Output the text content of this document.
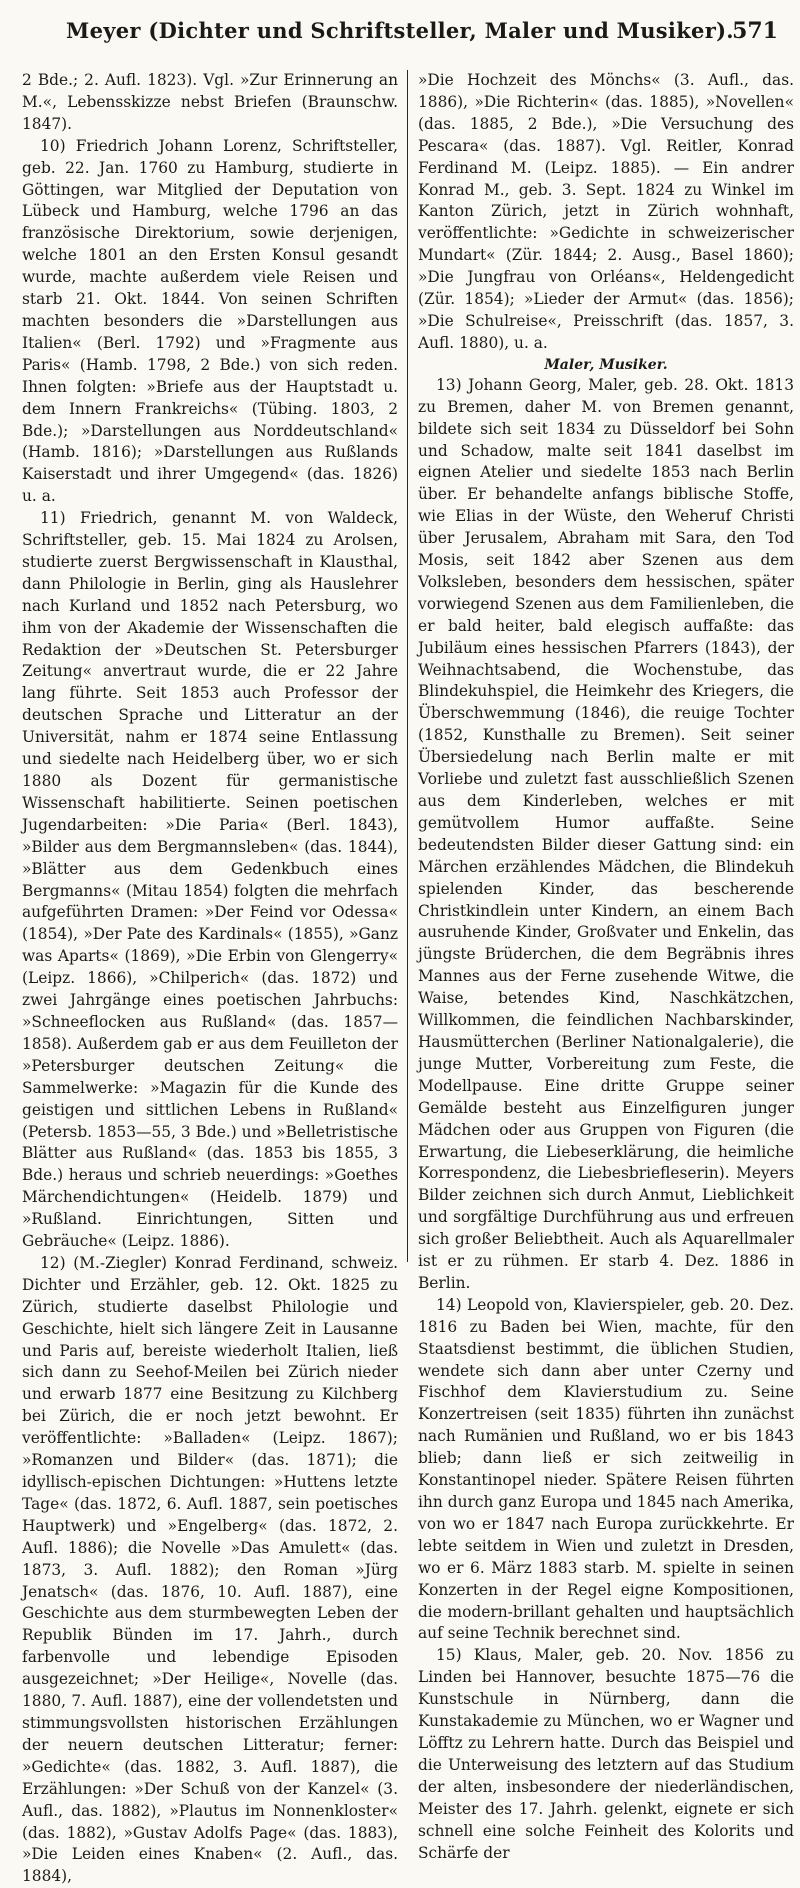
Meyer (Dichter und Schriftsteller, Maler und Musiker).
571

2 Bde.; 2. Aufl. 1823). Vgl. »Zur Erinnerung an M.«, Lebensskizze nebst Briefen (Braunschw. 1847).

10) Friedrich Johann Lorenz, Schriftsteller, geb. 22. Jan. 1760 zu Hamburg, studierte in Göttingen, war Mitglied der Deputation von Lübeck und Hamburg, welche 1796 an das französische Direktorium, sowie derjenigen, welche 1801 an den Ersten Konsul gesandt wurde, machte außerdem viele Reisen und starb 21. Okt. 1844. Von seinen Schriften machten besonders die »Darstellungen aus Italien« (Berl. 1792) und »Fragmente aus Paris« (Hamb. 1798, 2 Bde.) von sich reden. Ihnen folgten: »Briefe aus der Hauptstadt u. dem Innern Frankreichs« (Tübing. 1803, 2 Bde.); »Darstellungen aus Norddeutschland« (Hamb. 1816); »Darstellungen aus Rußlands Kaiserstadt und ihrer Umgegend« (das. 1826) u. a.

11) Friedrich, genannt M. von Waldeck, Schriftsteller, geb. 15. Mai 1824 zu Arolsen, studierte zuerst Bergwissenschaft in Klausthal, dann Philologie in Berlin, ging als Hauslehrer nach Kurland und 1852 nach Petersburg, wo ihm von der Akademie der Wissenschaften die Redaktion der »Deutschen St. Petersburger Zeitung« anvertraut wurde, die er 22 Jahre lang führte. Seit 1853 auch Professor der deutschen Sprache und Litteratur an der Universität, nahm er 1874 seine Entlassung und siedelte nach Heidelberg über, wo er sich 1880 als Dozent für germanistische Wissenschaft habilitierte. Seinen poetischen Jugendarbeiten: »Die Paria« (Berl. 1843), »Bilder aus dem Bergmannsleben« (das. 1844), »Blätter aus dem Gedenkbuch eines Bergmanns« (Mitau 1854) folgten die mehrfach aufgeführten Dramen: »Der Feind vor Odessa« (1854), »Der Pate des Kardinals« (1855), »Ganz was Aparts« (1869), »Die Erbin von Glengerry« (Leipz. 1866), »Chilperich« (das. 1872) und zwei Jahrgänge eines poetischen Jahrbuchs: »Schneeflocken aus Rußland« (das. 1857—1858). Außerdem gab er aus dem Feuilleton der »Petersburger deutschen Zeitung« die Sammelwerke: »Magazin für die Kunde des geistigen und sittlichen Lebens in Rußland« (Petersb. 1853—55, 3 Bde.) und »Belletristische Blätter aus Rußland« (das. 1853 bis 1855, 3 Bde.) heraus und schrieb neuerdings: »Goethes Märchendichtungen« (Heidelb. 1879) und »Rußland. Einrichtungen, Sitten und Gebräuche« (Leipz. 1886).

12) (M.-Ziegler) Konrad Ferdinand, schweiz. Dichter und Erzähler, geb. 12. Okt. 1825 zu Zürich, studierte daselbst Philologie und Geschichte, hielt sich längere Zeit in Lausanne und Paris auf, bereiste wiederholt Italien, ließ sich dann zu Seehof-Meilen bei Zürich nieder und erwarb 1877 eine Besitzung zu Kilchberg bei Zürich, die er noch jetzt bewohnt. Er veröffentlichte: »Balladen« (Leipz. 1867); »Romanzen und Bilder« (das. 1871); die idyllisch-epischen Dichtungen: »Huttens letzte Tage« (das. 1872, 6. Aufl. 1887, sein poetisches Hauptwerk) und »Engelberg« (das. 1872, 2. Aufl. 1886); die Novelle »Das Amulett« (das. 1873, 3. Aufl. 1882); den Roman »Jürg Jenatsch« (das. 1876, 10. Aufl. 1887), eine Geschichte aus dem sturmbewegten Leben der Republik Bünden im 17. Jahrh., durch farbenvolle und lebendige Episoden ausgezeichnet; »Der Heilige«, Novelle (das. 1880, 7. Aufl. 1887), eine der vollendetsten und stimmungsvollsten historischen Erzählungen der neuern deutschen Litteratur; ferner: »Gedichte« (das. 1882, 3. Aufl. 1887), die Erzählungen: »Der Schuß von der Kanzel« (3. Aufl., das. 1882), »Plautus im Nonnenkloster« (das. 1882), »Gustav Adolfs Page« (das. 1883), »Die Leiden eines Knaben« (2. Aufl., das. 1884),

»Die Hochzeit des Mönchs« (3. Aufl., das. 1886), »Die Richterin« (das. 1885), »Novellen« (das. 1885, 2 Bde.), »Die Versuchung des Pescara« (das. 1887). Vgl. Reitler, Konrad Ferdinand M. (Leipz. 1885). — Ein andrer Konrad M., geb. 3. Sept. 1824 zu Winkel im Kanton Zürich, jetzt in Zürich wohnhaft, veröffentlichte: »Gedichte in schweizerischer Mundart« (Zür. 1844; 2. Ausg., Basel 1860); »Die Jungfrau von Orléans«, Heldengedicht (Zür. 1854); »Lieder der Armut« (das. 1856); »Die Schulreise«, Preisschrift (das. 1857, 3. Aufl. 1880), u. a.

Maler, Musiker.

13) Johann Georg, Maler, geb. 28. Okt. 1813 zu Bremen, daher M. von Bremen genannt, bildete sich seit 1834 zu Düsseldorf bei Sohn und Schadow, malte seit 1841 daselbst im eignen Atelier und siedelte 1853 nach Berlin über. Er behandelte anfangs biblische Stoffe, wie Elias in der Wüste, den Weheruf Christi über Jerusalem, Abraham mit Sara, den Tod Mosis, seit 1842 aber Szenen aus dem Volksleben, besonders dem hessischen, später vorwiegend Szenen aus dem Familienleben, die er bald heiter, bald elegisch auffaßte: das Jubiläum eines hessischen Pfarrers (1843), der Weihnachtsabend, die Wochenstube, das Blindekuhspiel, die Heimkehr des Kriegers, die Überschwemmung (1846), die reuige Tochter (1852, Kunsthalle zu Bremen). Seit seiner Übersiedelung nach Berlin malte er mit Vorliebe und zuletzt fast ausschließlich Szenen aus dem Kinderleben, welches er mit gemütvollem Humor auffaßte. Seine bedeutendsten Bilder dieser Gattung sind: ein Märchen erzählendes Mädchen, die Blindekuh spielenden Kinder, das bescherende Christkindlein unter Kindern, an einem Bach ausruhende Kinder, Großvater und Enkelin, das jüngste Brüderchen, die dem Begräbnis ihres Mannes aus der Ferne zusehende Witwe, die Waise, betendes Kind, Naschkätzchen, Willkommen, die feindlichen Nachbarskinder, Hausmütterchen (Berliner Nationalgalerie), die junge Mutter, Vorbereitung zum Feste, die Modellpause. Eine dritte Gruppe seiner Gemälde besteht aus Einzelfiguren junger Mädchen oder aus Gruppen von Figuren (die Erwartung, die Liebeserklärung, die heimliche Korrespondenz, die Liebesbriefleserin). Meyers Bilder zeichnen sich durch Anmut, Lieblichkeit und sorgfältige Durchführung aus und erfreuen sich großer Beliebtheit. Auch als Aquarellmaler ist er zu rühmen. Er starb 4. Dez. 1886 in Berlin.

14) Leopold von, Klavierspieler, geb. 20. Dez. 1816 zu Baden bei Wien, machte, für den Staatsdienst bestimmt, die üblichen Studien, wendete sich dann aber unter Czerny und Fischhof dem Klavierstudium zu. Seine Konzertreisen (seit 1835) führten ihn zunächst nach Rumänien und Rußland, wo er bis 1843 blieb; dann ließ er sich zeitweilig in Konstantinopel nieder. Spätere Reisen führten ihn durch ganz Europa und 1845 nach Amerika, von wo er 1847 nach Europa zurückkehrte. Er lebte seitdem in Wien und zuletzt in Dresden, wo er 6. März 1883 starb. M. spielte in seinen Konzerten in der Regel eigne Kompositionen, die modern-brillant gehalten und hauptsächlich auf seine Technik berechnet sind.

15) Klaus, Maler, geb. 20. Nov. 1856 zu Linden bei Hannover, besuchte 1875—76 die Kunstschule in Nürnberg, dann die Kunstakademie zu München, wo er Wagner und Löfftz zu Lehrern hatte. Durch das Beispiel und die Unterweisung des letztern auf das Studium der alten, insbesondere der niederländischen, Meister des 17. Jahrh. gelenkt, eignete er sich schnell eine solche Feinheit des Kolorits und Schärfe der
